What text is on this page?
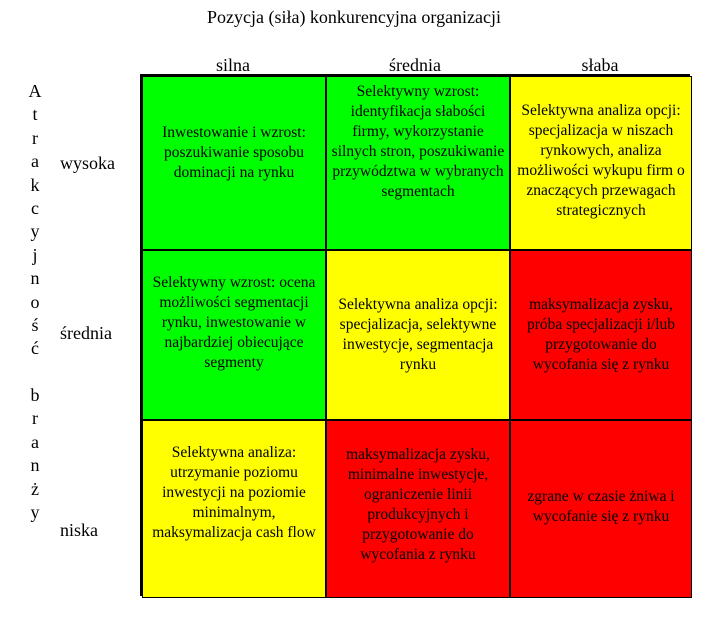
Pozycja (siła) konkurencyjna organizacji
silna	średnia	słaba
A
t
r
a
k
c
y
j
n
o
ś
ć
b
r
a
n
ż
y
wysoka
średnia
niska
Inwestowanie i wzrost: poszukiwanie sposobu dominacji na rynku
Selektywny wzrost: identyfikacja słabości firmy, wykorzystanie silnych stron, poszukiwanie przywództwa w wybranych segmentach
Selektywna analiza opcji: specjalizacja w niszach rynkowych, analiza możliwości wykupu firm o znaczących przewagach strategicznych
Selektywny wzrost: ocena możliwości segmentacji rynku, inwestowanie w najbardziej obiecujące segmenty
Selektywna analiza opcji: specjalizacja, selektywne inwestycje, segmentacja rynku
maksymalizacja zysku, próba specjalizacji i/lub przygotowanie do wycofania się z rynku
Selektywna analiza: utrzymanie poziomu inwestycji na poziomie minimalnym, maksymalizacja cash flow
maksymalizacja zysku, minimalne inwestycje, ograniczenie linii produkcyjnych i przygotowanie do wycofania z rynku
zgrane w czasie żniwa i wycofanie się z rynku
